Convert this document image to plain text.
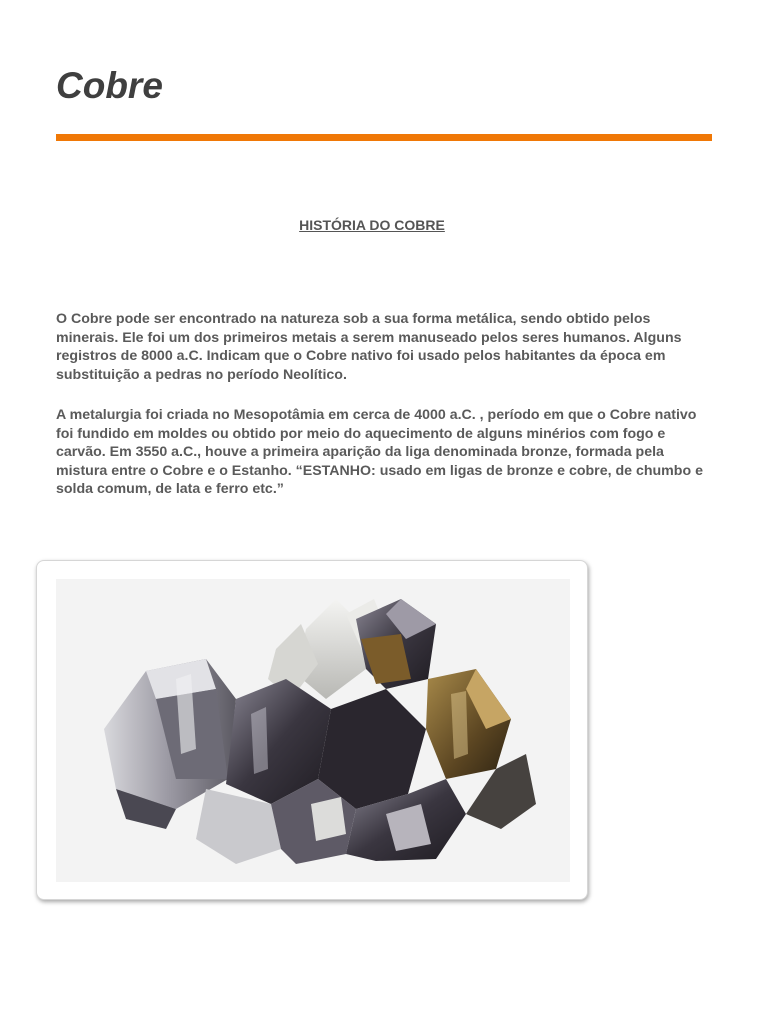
Cobre
HISTÓRIA DO COBRE

O Cobre pode ser encontrado na natureza sob a sua forma metálica, sendo obtido pelos minerais. Ele foi um dos primeiros metais a serem manuseado pelos seres humanos. Alguns registros de 8000 a.C. Indicam que o Cobre nativo foi usado pelos habitantes da época em substituição a pedras no período Neolítico.

A metalurgia foi criada no Mesopotâmia em cerca de 4000 a.C. , período em que o Cobre nativo foi fundido em moldes ou obtido por meio do aquecimento de alguns minérios com fogo e carvão. Em 3550 a.C., houve a primeira aparição da liga denominada bronze, formada pela mistura entre o Cobre e o Estanho. “ESTANHO: usado em ligas de bronze e cobre, de chumbo e solda comum, de lata e ferro etc.”
